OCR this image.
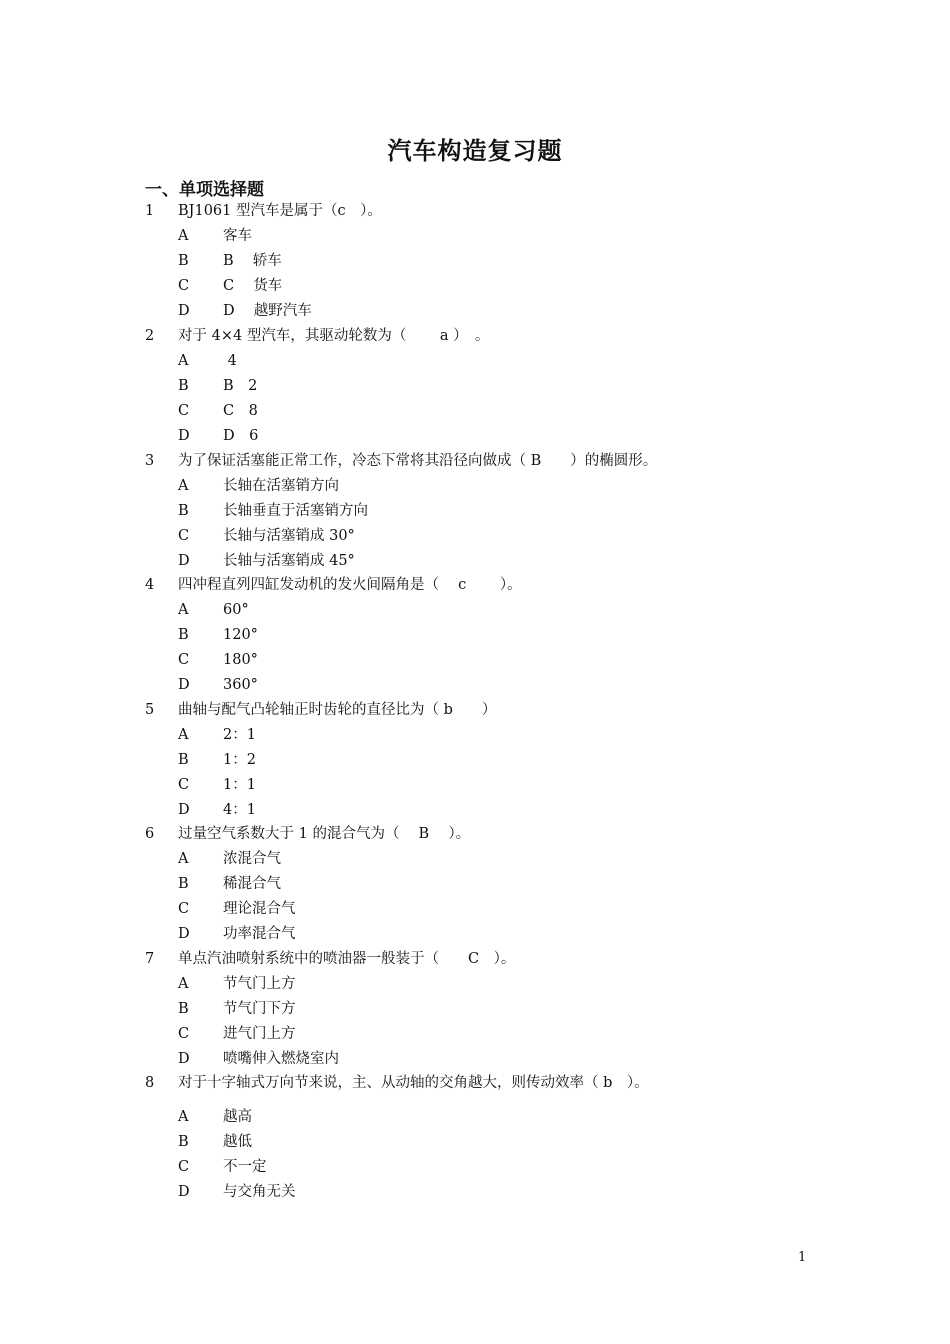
汽车构造复习题
一、单项选择题
1 BJ1061 型汽车是属于（c　）。
A 客车
B B　 轿车
C C　 货车
D D　 越野汽车
2 对于 4×4 型汽车，其驱动轮数为（　　 a ）　。
A 4
B B　2
C C　8
D D　6
3 为了保证活塞能正常工作，冷态下常将其沿径向做成（ B　　）的椭圆形。
A 长轴在活塞销方向
B 长轴垂直于活塞销方向
C 长轴与活塞销成 30°
D 长轴与活塞销成 45°
4 四冲程直列四缸发动机的发火间隔角是（　 c　　 ）。
A 60°
B 120°
C 180°
D 360°
5 曲轴与配气凸轮轴正时齿轮的直径比为（ b　　）
A 2：1
B 1：2
C 1：1
D 4：1
6 过量空气系数大于 1 的混合气为（　 B　 ）。
A 浓混合气
B 稀混合气
C 理论混合气
D 功率混合气
7 单点汽油喷射系统中的喷油器一般装于（　　C　）。
A 节气门上方
B 节气门下方
C 进气门上方
D 喷嘴伸入燃烧室内
8 对于十字轴式万向节来说，主、从动轴的交角越大，则传动效率（ b　）。
A 越高
B 越低
C 不一定
D 与交角无关
1
